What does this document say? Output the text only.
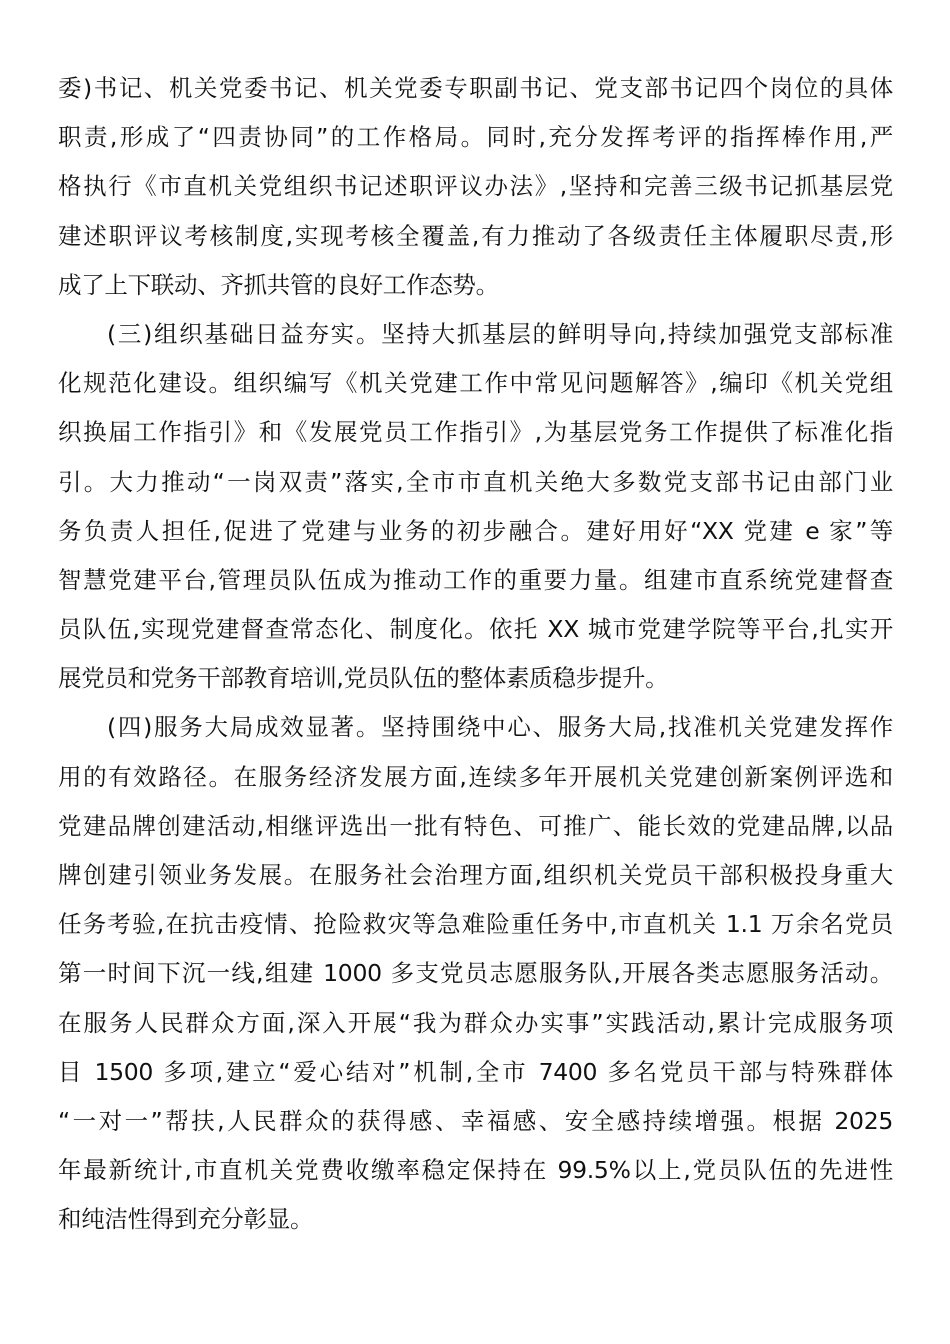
委)书记、机关党委书记、机关党委专职副书记、党支部书记四个岗位的具体
职责,形成了“四责协同”的工作格局。同时,充分发挥考评的指挥棒作用,严
格执行《市直机关党组织书记述职评议办法》,坚持和完善三级书记抓基层党
建述职评议考核制度,实现考核全覆盖,有力推动了各级责任主体履职尽责,形
成了上下联动、齐抓共管的良好工作态势。
(三)组织基础日益夯实。坚持大抓基层的鲜明导向,持续加强党支部标准
化规范化建设。组织编写《机关党建工作中常见问题解答》,编印《机关党组
织换届工作指引》和《发展党员工作指引》,为基层党务工作提供了标准化指
引。大力推动“一岗双责”落实,全市市直机关绝大多数党支部书记由部门业
务负责人担任,促进了党建与业务的初步融合。建好用好“XX 党建 e 家”等
智慧党建平台,管理员队伍成为推动工作的重要力量。组建市直系统党建督查
员队伍,实现党建督查常态化、制度化。依托 XX 城市党建学院等平台,扎实开
展党员和党务干部教育培训,党员队伍的整体素质稳步提升。
(四)服务大局成效显著。坚持围绕中心、服务大局,找准机关党建发挥作
用的有效路径。在服务经济发展方面,连续多年开展机关党建创新案例评选和
党建品牌创建活动,相继评选出一批有特色、可推广、能长效的党建品牌,以品
牌创建引领业务发展。在服务社会治理方面,组织机关党员干部积极投身重大
任务考验,在抗击疫情、抢险救灾等急难险重任务中,市直机关 1.1 万余名党员
第一时间下沉一线,组建 1000 多支党员志愿服务队,开展各类志愿服务活动。
在服务人民群众方面,深入开展“我为群众办实事”实践活动,累计完成服务项
目 1500 多项,建立“爱心结对”机制,全市 7400 多名党员干部与特殊群体
“一对一”帮扶,人民群众的获得感、幸福感、安全感持续增强。根据 2025
年最新统计,市直机关党费收缴率稳定保持在 99.5%以上,党员队伍的先进性
和纯洁性得到充分彰显。
